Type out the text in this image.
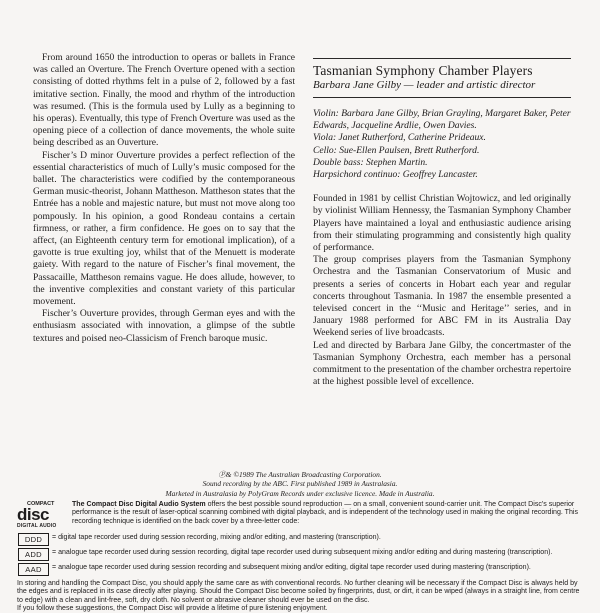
From around 1650 the introduction to operas or ballets in France was called an Overture. The French Overture opened with a section consisting of dotted rhythms felt in a pulse of 2, followed by a fast imitative section. Finally, the mood and rhythm of the introduction was resumed. (This is the formula used by Lully as a beginning to his operas). Eventually, this type of French Overture was used as the opening piece of a collection of dance movements, the whole suite being described as an Ouverture.

Fischer’s D minor Ouverture provides a perfect reflection of the essential characteristics of much of Lully’s music composed for the ballet. The characteristics were codified by the contemporaneous German music-theorist, Johann Mattheson. Mattheson states that the Entrée has a noble and majestic nature, but must not move along too pompously. In his opinion, a good Rondeau contains a certain firmness, or rather, a firm confidence. He goes on to say that the affect, (an Eighteenth century term for emotional implication), of a gavotte is true exulting joy, whilst that of the Menuett is moderate gaiety. With regard to the nature of Fischer’s final movement, the Passacaille, Mattheson remains vague. He does allude, however, to the inventive complexities and constant variety of this particular movement.

Fischer’s Ouverture provides, through German eyes and with the enthusiasm associated with innovation, a glimpse of the subtle textures and poised neo-Classicism of French baroque music.

Tasmanian Symphony Chamber Players
Barbara Jane Gilby — leader and artistic director
Violin: Barbara Jane Gilby, Brian Grayling, Margaret Baker, Peter Edwards, Jacqueline Ardlie, Owen Davies.
Viola: Janet Rutherford, Catherine Prideaux.
Cello: Sue-Ellen Paulsen, Brett Rutherford.
Double bass: Stephen Martin.
Harpsichord continuo: Geoffrey Lancaster.

Founded in 1981 by cellist Christian Wojtowicz, and led originally by violinist William Hennessy, the Tasmanian Symphony Chamber Players have maintained a loyal and enthusiastic audience arising from their stimulating programming and consistently high quality of performance.

The group comprises players from the Tasmanian Symphony Orchestra and the Tasmanian Conservatorium of Music and presents a series of concerts in Hobart each year and regular concerts throughout Tasmania. In 1987 the ensemble presented a televised concert in the ‘‘Music and Heritage’’ series, and in January 1988 performed for ABC FM in its Australia Day Weekend series of live broadcasts.

Led and directed by Barbara Jane Gilby, the concertmaster of the Tasmanian Symphony Orchestra, each member has a personal commitment to the presentation of the chamber orchestra repertoire at the highest possible level of excellence.

Ⓟ& ©1989 The Australian Broadcasting Corporation.
Sound recording by the ABC. First published 1989 in Australasia.
Marketed in Australasia by PolyGram Records under exclusive licence. Made in Australia.
COMPACT
disc
DIGITAL AUDIO
The Compact Disc Digital Audio System offers the best possible sound reproduction — on a small, convenient sound-carrier unit. The Compact Disc’s superior performance is the result of laser-optical scanning combined with digital playback, and is independent of the technology used in making the original recording. This recording technique is identified on the back cover by a three-letter code:
DDD	= digital tape recorder used during session recording, mixing and/or editing, and mastering (transcription).
ADD	= analogue tape recorder used during session recording, digital tape recorder used during subsequent mixing and/or editing and during mastering (transcription).
AAD	= analogue tape recorder used during session recording and subsequent mixing and/or editing, digital tape recorder used during mastering (transcription).

In storing and handling the Compact Disc, you should apply the same care as with conventional records. No further cleaning will be necessary if the Compact Disc is always held by the edges and is replaced in its case directly after playing. Should the Compact Disc become soiled by fingerprints, dust, or dirt, it can be wiped (always in a straight line, from centre to edge) with a clean and lint-free, soft, dry cloth. No solvent or abrasive cleaner should ever be used on the disc.

If you follow these suggestions, the Compact Disc will provide a lifetime of pure listening enjoyment.
